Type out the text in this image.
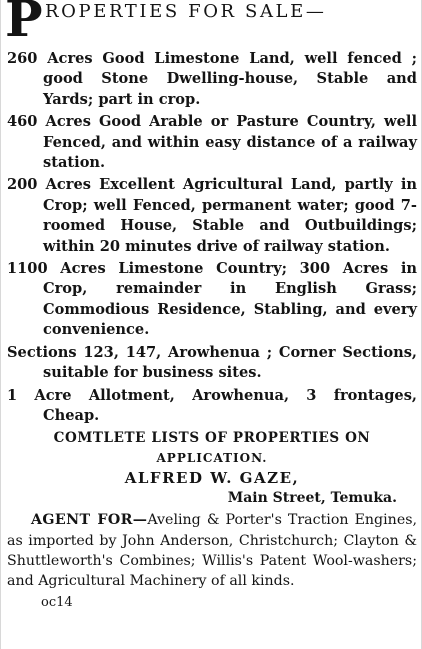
P ROPERTIES FOR SALE—

260 Acres Good Limestone Land, well fenced ; good Stone Dwelling-house, Stable and Yards; part in crop.

460 Acres Good Arable or Pasture Country, well Fenced, and within easy distance of a railway station.

200 Acres Excellent Agricultural Land, partly in Crop; well Fenced, permanent water; good 7-roomed House, Stable and Outbuildings; within 20 minutes drive of railway station.

1100 Acres Limestone Country; 300 Acres in Crop, remainder in English Grass; Commodious Residence, Stabling, and every convenience.

Sections 123, 147, Arowhenua ; Corner Sections, suitable for business sites.

1 Acre Allotment, Arowhenua, 3 frontages, Cheap.

COMTLETE LISTS OF PROPERTIES ON

APPLICATION.

ALFRED W. GAZE,

Main Street, Temuka.

AGENT FOR—Aveling & Porter's Traction Engines, as imported by John Anderson, Christchurch; Clayton & Shuttleworth's Combines; Willis's Patent Wool-washers; and Agricultural Machinery of all kinds.

oc14
